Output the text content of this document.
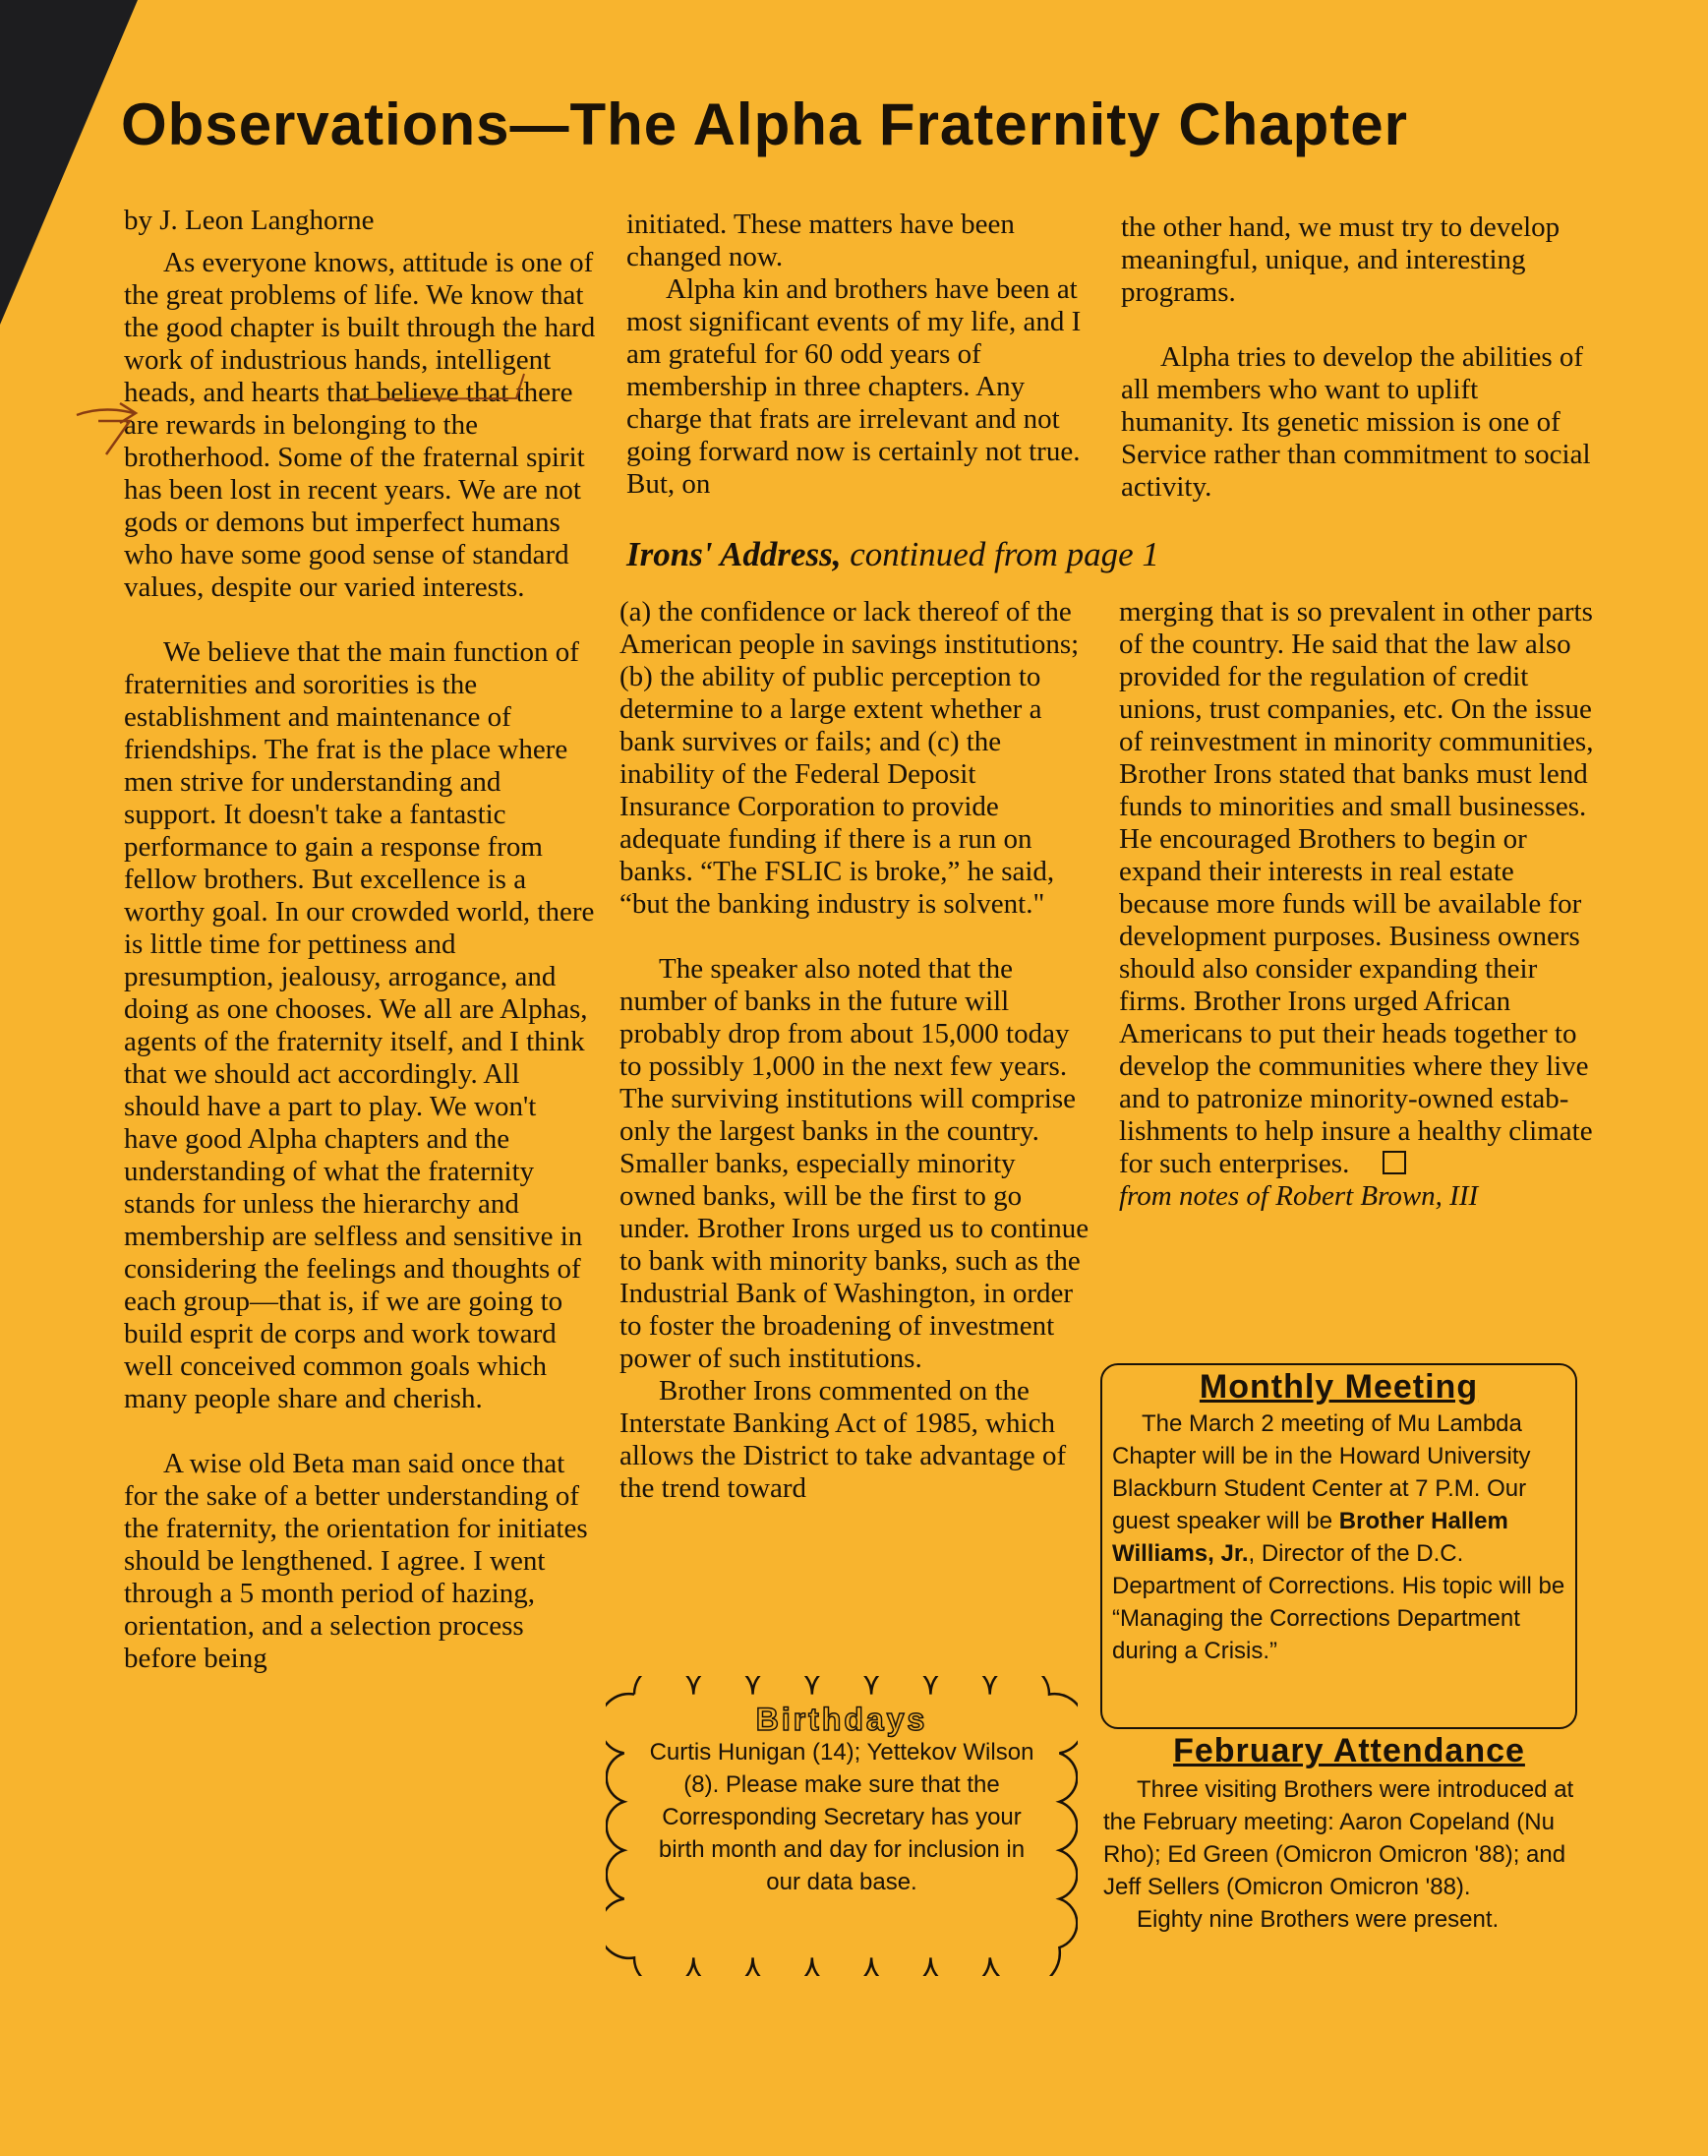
Observations—The Alpha Fraternity Chapter

by J. Leon Langhorne

As everyone knows, attitude is one of the great problems of life. We know that the good chapter is built through the hard work of industrious hands, intelligent heads, and hearts that believe that there are rewards in belonging to the brotherhood. Some of the fraternal spirit has been lost in recent years. We are not gods or demons but imperfect humans who have some good sense of standard values, despite our varied interests.

We believe that the main function of fraternities and sororities is the establishment and maintenance of friendships. The frat is the place where men strive for understanding and support. It doesn't take a fantastic performance to gain a response from fellow brothers. But excellence is a worthy goal. In our crowded world, there is little time for pettiness and presumption, jealousy, arrogance, and doing as one chooses. We all are Alphas, agents of the fraternity itself, and I think that we should act accordingly. All should have a part to play. We won't have good Alpha chapters and the understanding of what the fraternity stands for unless the hierarchy and membership are selfless and sensitive in considering the feelings and thoughts of each group—that is, if we are going to build esprit de corps and work toward well conceived common goals which many people share and cherish.

A wise old Beta man said once that for the sake of a better understanding of the fraternity, the orientation for initiates should be lengthened. I agree. I went through a 5 month period of hazing, orientation, and a selection process before being

initiated. These matters have been changed now.

Alpha kin and brothers have been at most significant events of my life, and I am grateful for 60 odd years of membership in three chapters. Any charge that frats are irrelevant and not going forward now is certainly not true. But, on

the other hand, we must try to develop meaningful, unique, and interesting programs.

Alpha tries to develop the abilities of all members who want to uplift humanity. Its genetic mission is one of Service rather than commitment to social activity.

Irons' Address, continued from page 1

(a) the confidence or lack thereof of the American people in savings institutions; (b) the ability of public perception to determine to a large extent whether a bank survives or fails; and (c) the inability of the Federal Deposit Insurance Corporation to provide adequate funding if there is a run on banks. “The FSLIC is broke,” he said, “but the banking industry is solvent."

The speaker also noted that the number of banks in the future will probably drop from about 15,000 today to possibly 1,000 in the next few years. The surviving institutions will comprise only the largest banks in the country. Smaller banks, especially minority owned banks, will be the first to go under. Brother Irons urged us to continue to bank with minority banks, such as the Industrial Bank of Washington, in order to foster the broadening of investment power of such institutions.

Brother Irons commented on the Interstate Banking Act of 1985, which allows the District to take advantage of the trend toward

merging that is so prevalent in other parts of the country. He said that the law also provided for the regulation of credit unions, trust companies, etc. On the issue of reinvestment in minority communities, Brother Irons stated that banks must lend funds to minorities and small businesses. He encouraged Brothers to begin or expand their interests in real estate because more funds will be available for development purposes. Business owners should also consider expanding their firms. Brother Irons urged African Americans to put their heads together to develop the communities where they live and to patronize minority-owned estab-lishments to help insure a healthy climate for such enterprises.

from notes of Robert Brown, III

Monthly Meeting

The March 2 meeting of Mu Lambda Chapter will be in the Howard University Blackburn Student Center at 7 P.M. Our guest speaker will be Brother Hallem Williams, Jr., Director of the D.C. Department of Corrections. His topic will be “Managing the Corrections Department during a Crisis.”

February Attendance

Three visiting Brothers were introduced at the February meeting: Aaron Copeland (Nu Rho); Ed Green (Omicron Omicron '88); and Jeff Sellers (Omicron Omicron '88).

Eighty nine Brothers were present.

Birthdays

Curtis Hunigan (14); Yettekov Wilson (8). Please make sure that the Corresponding Secretary has your birth month and day for inclusion in our data base.
